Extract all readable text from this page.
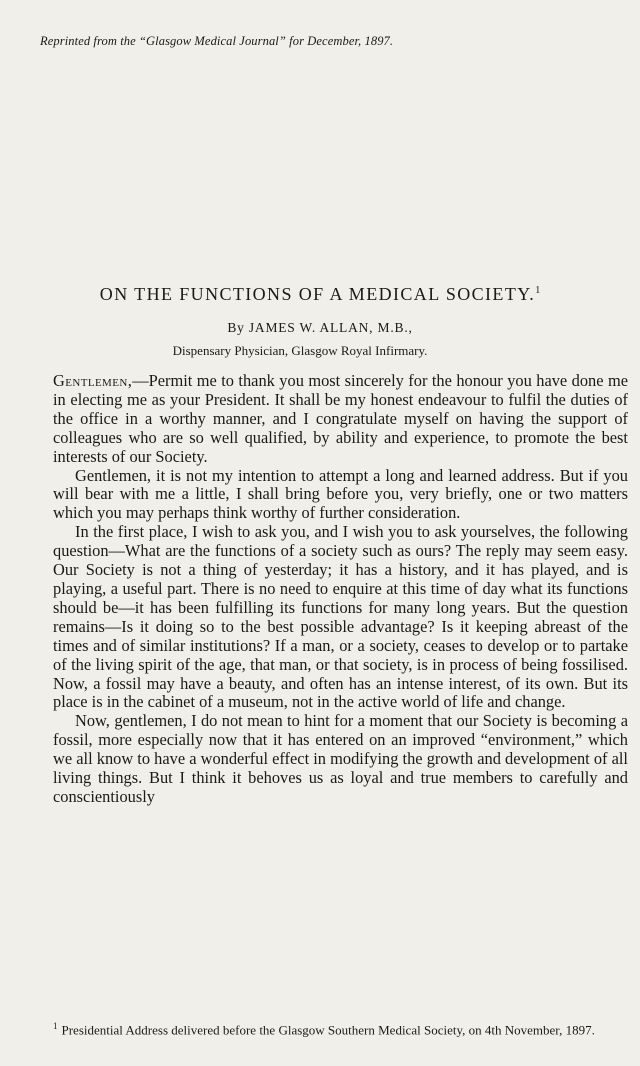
Reprinted from the “Glasgow Medical Journal” for December, 1897.
ON THE FUNCTIONS OF A MEDICAL SOCIETY.$^1$
By JAMES W. ALLAN, M.B.,
Dispensary Physician, Glasgow Royal Infirmary.

Gentlemen,—Permit me to thank you most sincerely for the honour you have done me in electing me as your President. It shall be my honest endeavour to fulfil the duties of the office in a worthy manner, and I congratulate myself on having the support of colleagues who are so well qualified, by ability and experience, to promote the best interests of our Society.

Gentlemen, it is not my intention to attempt a long and learned address. But if you will bear with me a little, I shall bring before you, very briefly, one or two matters which you may perhaps think worthy of further consideration.

In the first place, I wish to ask you, and I wish you to ask yourselves, the following question—What are the functions of a society such as ours? The reply may seem easy. Our Society is not a thing of yesterday; it has a history, and it has played, and is playing, a useful part. There is no need to enquire at this time of day what its functions should be—it has been fulfilling its functions for many long years. But the question remains—Is it doing so to the best possible advantage? Is it keeping abreast of the times and of similar institutions? If a man, or a society, ceases to develop or to partake of the living spirit of the age, that man, or that society, is in process of being fossilised. Now, a fossil may have a beauty, and often has an intense interest, of its own. But its place is in the cabinet of a museum, not in the active world of life and change.

Now, gentlemen, I do not mean to hint for a moment that our Society is becoming a fossil, more especially now that it has entered on an improved “environment,” which we all know to have a wonderful effect in modifying the growth and development of all living things. But I think it behoves us as loyal and true members to carefully and conscientiously

$^1$ Presidential Address delivered before the Glasgow Southern Medical Society, on 4th November, 1897.
